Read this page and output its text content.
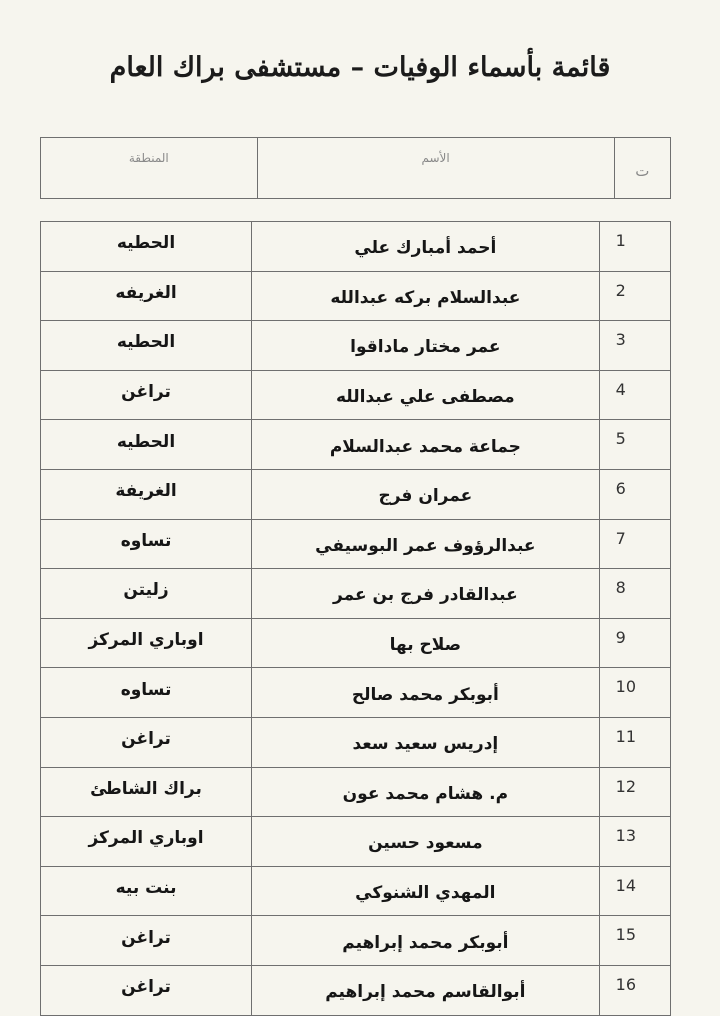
قائمة بأسماء الوفيات – مستشفى براك العام
ت	الأسم	المنطقة
1	أحمد أمبارك علي	الحطيه
2	عبدالسلام بركه عبدالله	الغريفه
3	عمر مختار ماداقوا	الحطيه
4	مصطفى علي عبدالله	تراغن
5	جماعة محمد عبدالسلام	الحطيه
6	عمران فرج	الغريفة
7	عبدالرؤوف عمر البوسيفي	تساوه
8	عبدالقادر فرج بن عمر	زليتن
9	صلاح بها	اوباري المركز
10	أبوبكر محمد صالح	تساوه
11	إدريس سعيد سعد	تراغن
12	م. هشام محمد عون	براك الشاطئ
13	مسعود حسين	اوباري المركز
14	المهدي الشنوكي	بنت بيه
15	أبوبكر محمد إبراهيم	تراغن
16	أبوالقاسم محمد إبراهيم	تراغن
